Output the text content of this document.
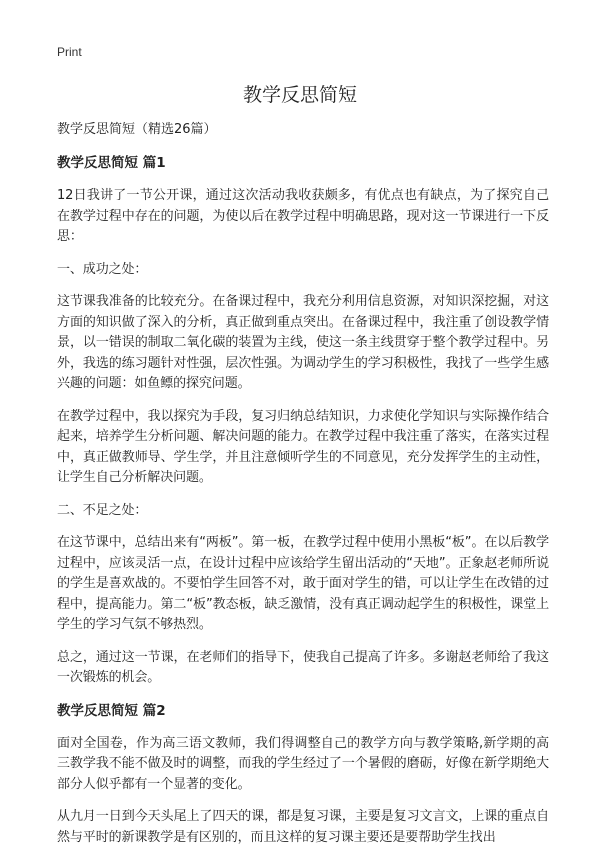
Print
教学反思简短

教学反思简短（精选26篇）

教学反思简短 篇1

12日我讲了一节公开课，通过这次活动我收获颇多，有优点也有缺点，为了探究自己在教学过程中存在的问题，为使以后在教学过程中明确思路，现对这一节课进行一下反思：

一、成功之处：

这节课我准备的比较充分。在备课过程中，我充分利用信息资源，对知识深挖掘，对这方面的知识做了深入的分析，真正做到重点突出。在备课过程中，我注重了创设教学情景，以一错误的制取二氧化碳的装置为主线，使这一条主线贯穿于整个教学过程中。另外，我选的练习题针对性强，层次性强。为调动学生的学习积极性，我找了一些学生感兴趣的问题：如鱼鳔的探究问题。

在教学过程中，我以探究为手段，复习归纳总结知识，力求使化学知识与实际操作结合起来，培养学生分析问题、解决问题的能力。在教学过程中我注重了落实，在落实过程中，真正做教师导、学生学，并且注意倾听学生的不同意见，充分发挥学生的主动性，让学生自己分析解决问题。

二、不足之处：

在这节课中，总结出来有“两板”。第一板，在教学过程中使用小黑板“板”。在以后教学过程中，应该灵活一点，在设计过程中应该给学生留出活动的“天地”。正象赵老师所说的学生是喜欢战的。不要怕学生回答不对，敢于面对学生的错，可以让学生在改错的过程中，提高能力。第二“板”教态板，缺乏激情，没有真正调动起学生的积极性，课堂上学生的学习气氛不够热烈。

总之，通过这一节课，在老师们的指导下，使我自己提高了许多。多谢赵老师给了我这一次锻炼的机会。

教学反思简短 篇2

面对全国卷，作为高三语文教师，我们得调整自己的教学方向与教学策略,新学期的高三教学我不能不做及时的调整，而我的学生经过了一个暑假的磨砺，好像在新学期绝大部分人似乎都有一个显著的变化。

从九月一日到今天头尾上了四天的课，都是复习课，主要是复习文言文，上课的重点自然与平时的新课教学是有区别的，而且这样的复习课主要还是要帮助学生找出
